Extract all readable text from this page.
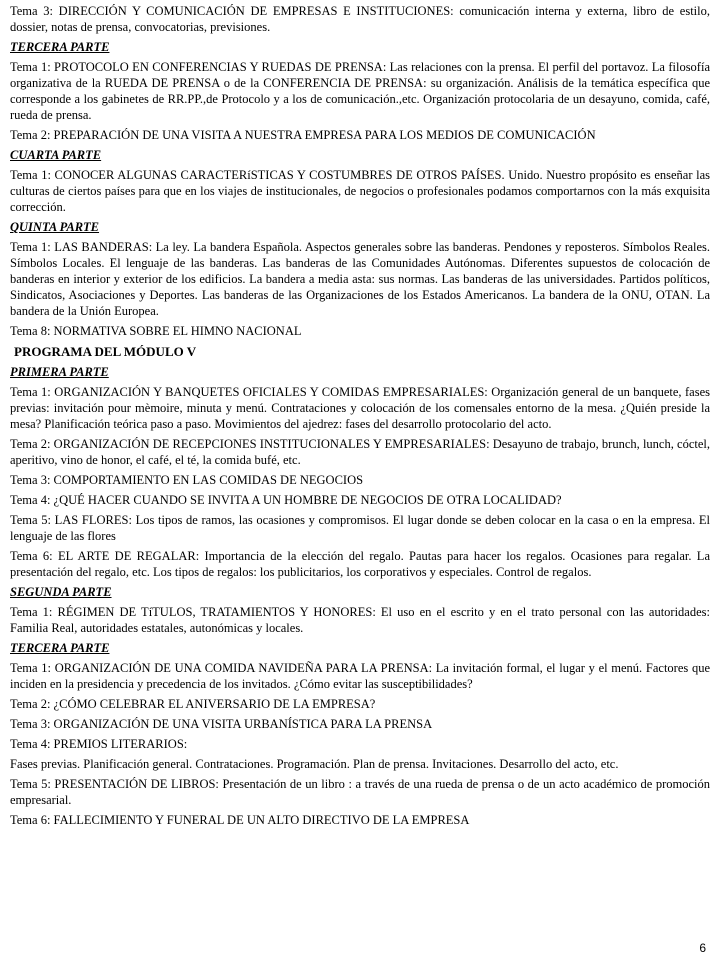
Tema 3: DIRECCIÓN Y COMUNICACIÓN DE EMPRESAS E INSTITUCIONES: comunicación interna y externa, libro de estilo, dossier, notas de prensa, convocatorias, previsiones.

TERCERA PARTE

Tema 1: PROTOCOLO EN CONFERENCIAS Y RUEDAS DE PRENSA: Las relaciones con la prensa. El perfil del portavoz. La filosofía organizativa de la RUEDA DE PRENSA o de la CONFERENCIA DE PRENSA: su organización. Análisis de la temática específica que corresponde a los gabinetes de RR.PP.,de Protocolo y a los de comunicación.,etc. Organización protocolaria de un desayuno, comida, café, rueda de prensa.

Tema 2: PREPARACIÓN DE UNA VISITA A NUESTRA EMPRESA PARA LOS MEDIOS DE COMUNICACIÓN

CUARTA PARTE

Tema 1: CONOCER ALGUNAS CARACTERíSTICAS Y COSTUMBRES DE OTROS PAÍSES. Unido. Nuestro propósito es enseñar las culturas de ciertos países para que en los viajes de institucionales, de negocios o profesionales podamos comportarnos con la más exquisita corrección.

QUINTA PARTE

Tema 1: LAS BANDERAS: La ley. La bandera Española. Aspectos generales sobre las banderas. Pendones y reposteros. Símbolos Reales. Símbolos Locales. El lenguaje de las banderas. Las banderas de las Comunidades Autónomas. Diferentes supuestos de colocación de banderas en interior y exterior de los edificios. La bandera a media asta: sus normas. Las banderas de las universidades. Partidos políticos, Sindicatos, Asociaciones y Deportes. Las banderas de las Organizaciones de los Estados Americanos. La bandera de la ONU, OTAN. La bandera de la Unión Europea.

Tema 8: NORMATIVA SOBRE EL HIMNO NACIONAL

PROGRAMA DEL MÓDULO V

PRIMERA PARTE

Tema 1: ORGANIZACIÓN Y BANQUETES OFICIALES Y COMIDAS EMPRESARIALES: Organización general de un banquete, fases previas: invitación pour mèmoire, minuta y menú. Contrataciones y colocación de los comensales entorno de la mesa. ¿Quién preside la mesa? Planificación teórica paso a paso. Movimientos del ajedrez: fases del desarrollo protocolario del acto.

Tema 2: ORGANIZACIÓN DE RECEPCIONES INSTITUCIONALES Y EMPRESARIALES: Desayuno de trabajo, brunch, lunch, cóctel, aperitivo, vino de honor, el café, el té, la comida bufé, etc.

Tema 3: COMPORTAMIENTO EN LAS COMIDAS DE NEGOCIOS

Tema 4: ¿QUÉ HACER CUANDO SE INVITA A UN HOMBRE DE NEGOCIOS DE OTRA LOCALIDAD?

Tema 5: LAS FLORES: Los tipos de ramos, las ocasiones y compromisos. El lugar donde se deben colocar en la casa o en la empresa. El lenguaje de las flores

Tema 6: EL ARTE DE REGALAR: Importancia de la elección del regalo. Pautas para hacer los regalos. Ocasiones para regalar. La presentación del regalo, etc. Los tipos de regalos: los publicitarios, los corporativos y especiales. Control de regalos.

SEGUNDA PARTE

Tema 1: RÉGIMEN DE TíTULOS, TRATAMIENTOS Y HONORES: El uso en el escrito y en el trato personal con las autoridades: Familia Real, autoridades estatales, autonómicas y locales.

TERCERA PARTE

Tema 1: ORGANIZACIÓN DE UNA COMIDA NAVIDEÑA PARA LA PRENSA: La invitación formal, el lugar y el menú. Factores que inciden en la presidencia y precedencia de los invitados. ¿Cómo evitar las susceptibilidades?

Tema 2: ¿CÓMO CELEBRAR EL ANIVERSARIO DE LA EMPRESA?

Tema 3: ORGANIZACIÓN DE UNA VISITA URBANÍSTICA PARA LA PRENSA

Tema 4: PREMIOS LITERARIOS:

Fases previas. Planificación general. Contrataciones. Programación. Plan de prensa. Invitaciones. Desarrollo del acto, etc.

Tema 5: PRESENTACIÓN DE LIBROS: Presentación de un libro : a través de una rueda de prensa o de un acto académico de promoción empresarial.

Tema 6: FALLECIMIENTO Y FUNERAL DE UN ALTO DIRECTIVO DE LA EMPRESA

6
